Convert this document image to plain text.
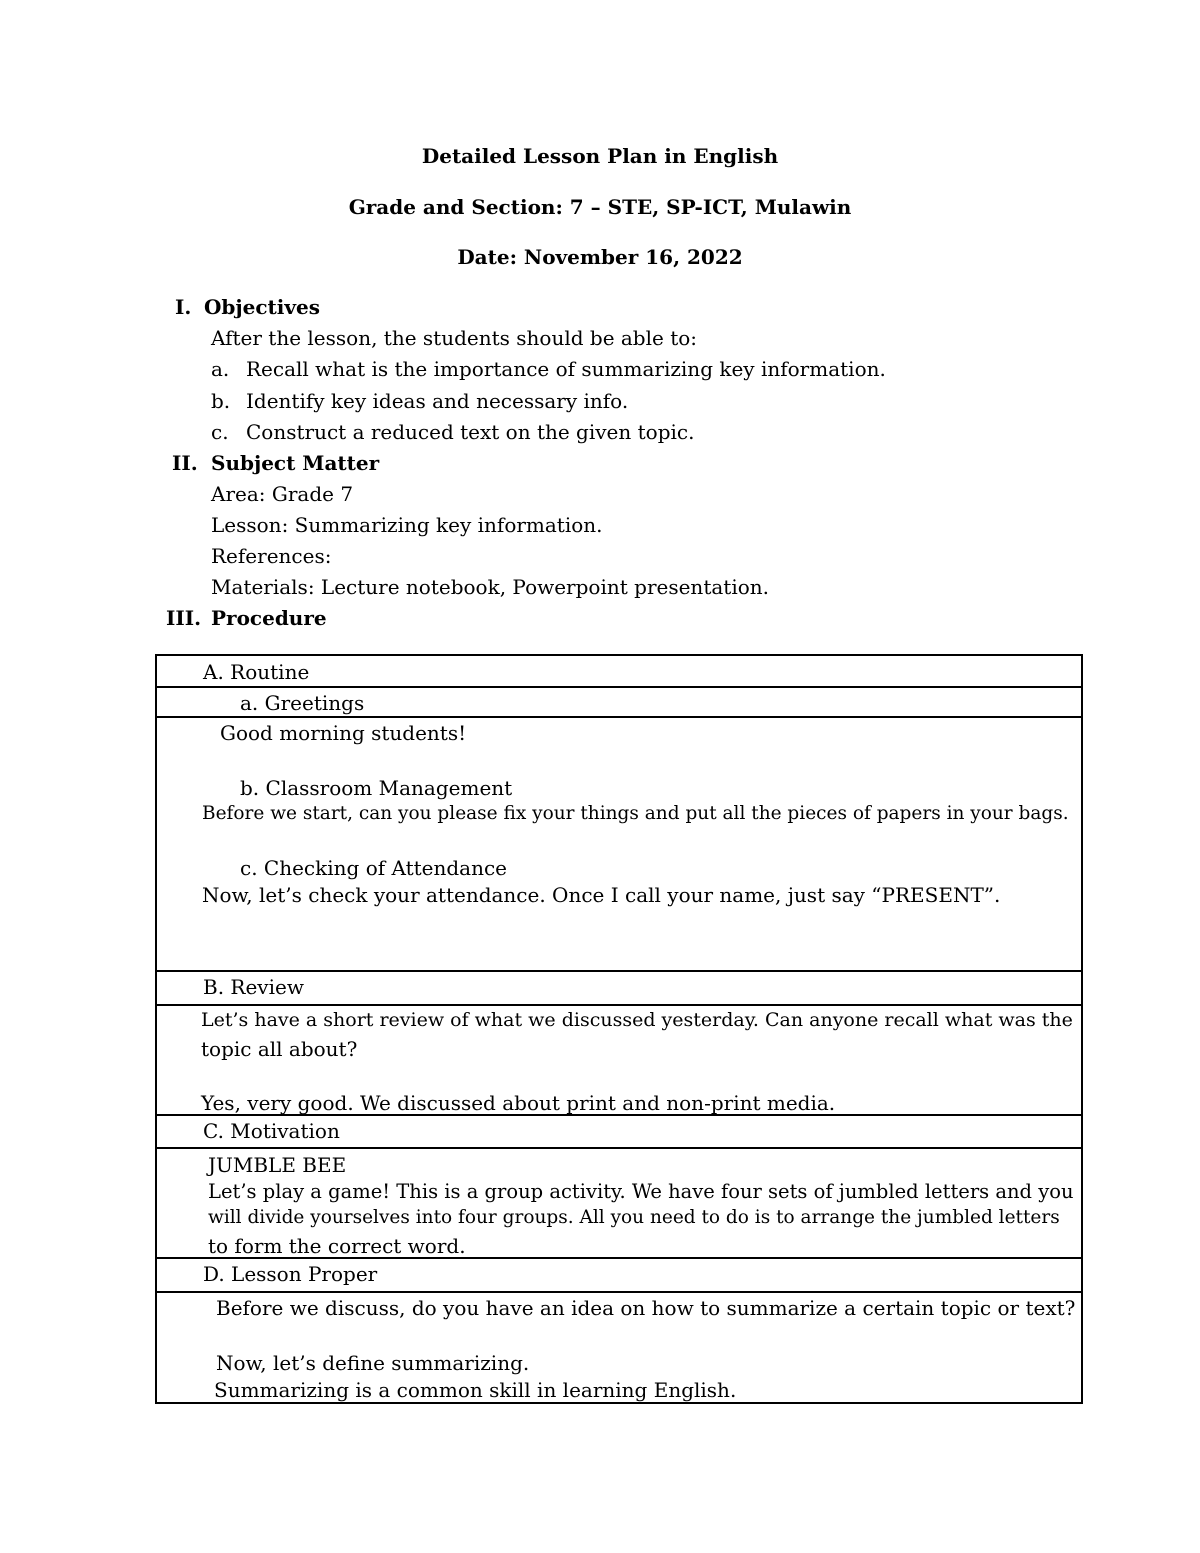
Detailed Lesson Plan in English
Grade and Section: 7 – STE, SP-ICT, Mulawin
Date: November 16, 2022
I. Objectives
After the lesson, the students should be able to:
a. Recall what is the importance of summarizing key information.
b. Identify key ideas and necessary info.
c. Construct a reduced text on the given topic.
II. Subject Matter
Area: Grade 7
Lesson: Summarizing key information.
References:
Materials: Lecture notebook, Powerpoint presentation.
III. Procedure
A. Routine
a. Greetings
Good morning students!
b. Classroom Management
Before we start, can you please fix your things and put all the pieces of papers in your bags.
c. Checking of Attendance
Now, let’s check your attendance. Once I call your name, just say “PRESENT”.
B. Review
Let’s have a short review of what we discussed yesterday. Can anyone recall what was the
topic all about?
Yes, very good. We discussed about print and non-print media.
C. Motivation
JUMBLE BEE
Let’s play a game! This is a group activity. We have four sets of jumbled letters and you
will divide yourselves into four groups. All you need to do is to arrange the jumbled letters
to form the correct word.
D. Lesson Proper
Before we discuss, do you have an idea on how to summarize a certain topic or text?
Now, let’s define summarizing.
Summarizing is a common skill in learning English.
